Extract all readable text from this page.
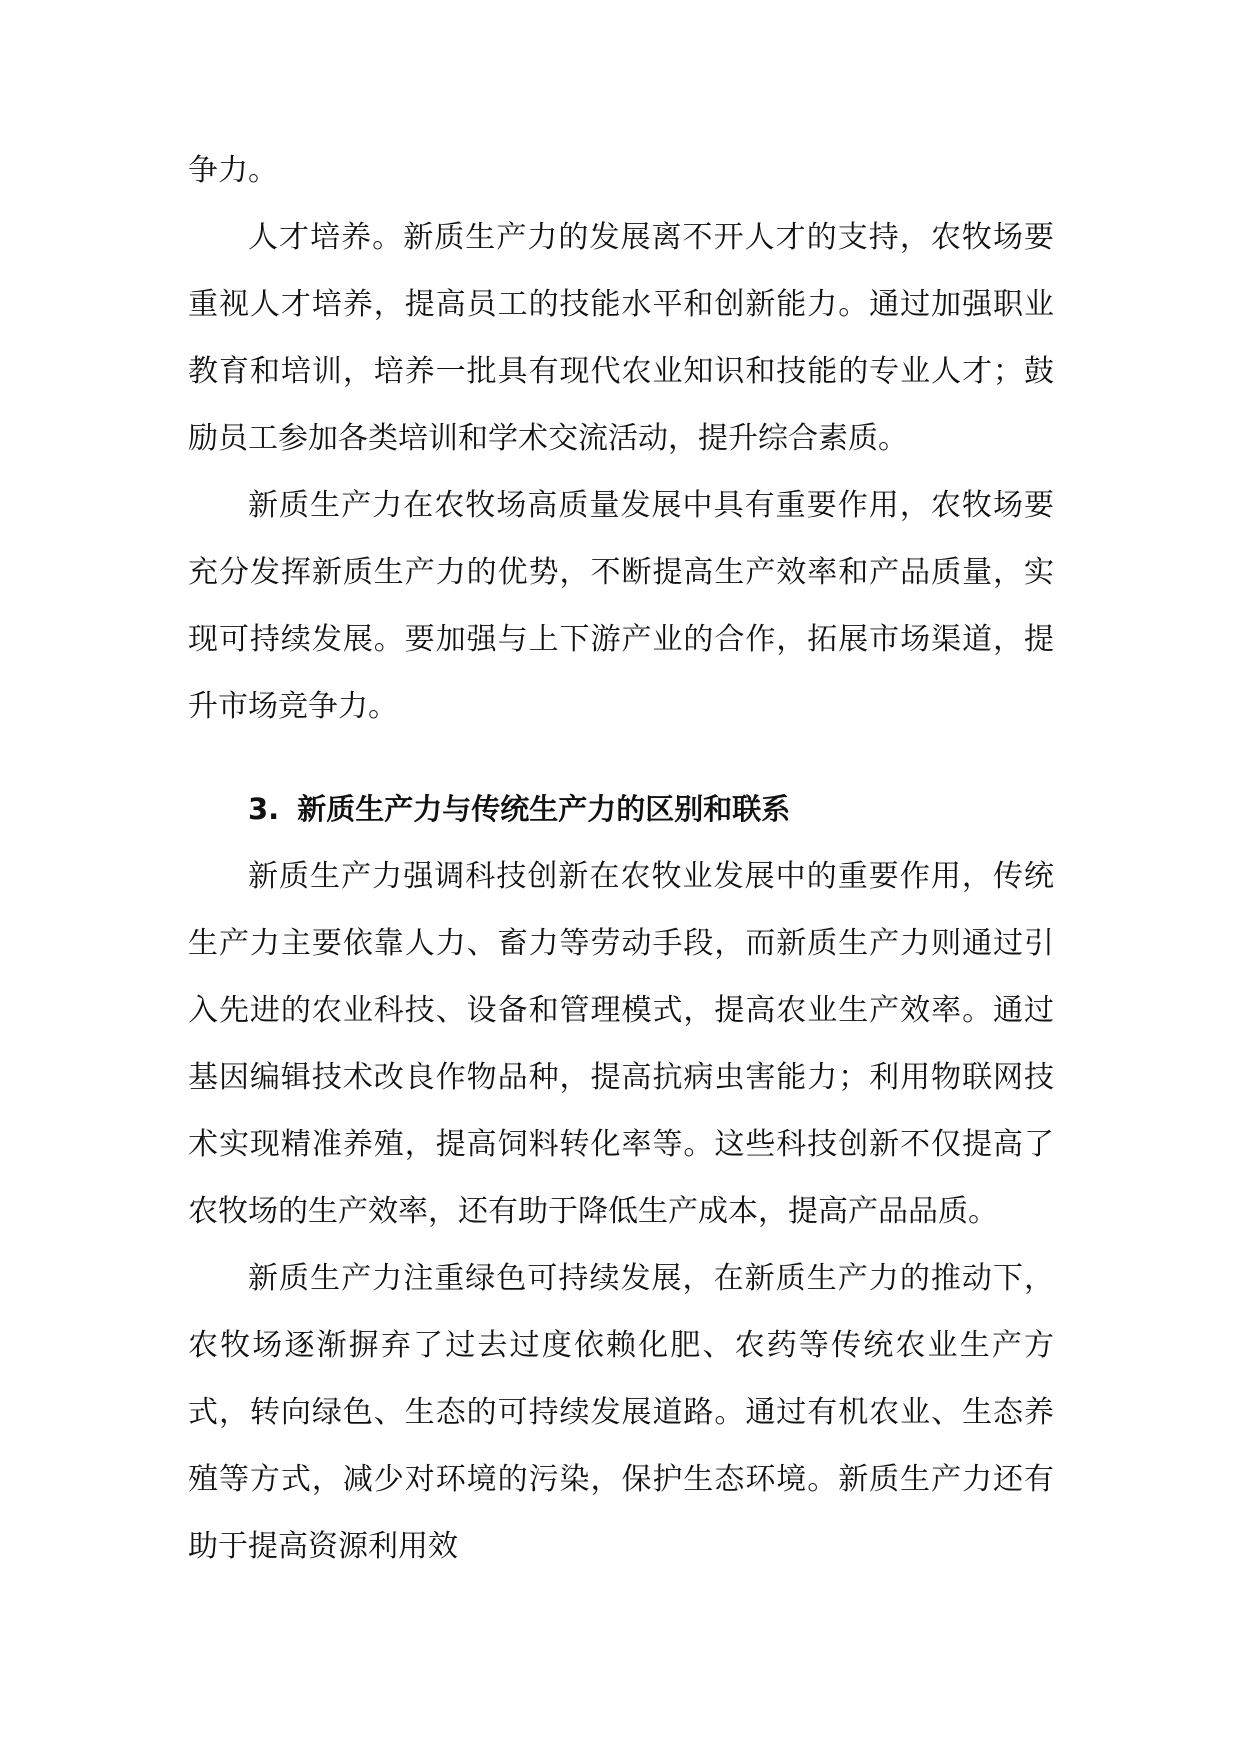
争力。

人才培养。新质生产力的发展离不开人才的支持，农牧场要重视人才培养，提高员工的技能水平和创新能力。通过加强职业教育和培训，培养一批具有现代农业知识和技能的专业人才；鼓励员工参加各类培训和学术交流活动，提升综合素质。

新质生产力在农牧场高质量发展中具有重要作用，农牧场要充分发挥新质生产力的优势，不断提高生产效率和产品质量，实现可持续发展。要加强与上下游产业的合作，拓展市场渠道，提升市场竞争力。

3. 新质生产力与传统生产力的区别和联系

新质生产力强调科技创新在农牧业发展中的重要作用，传统生产力主要依靠人力、畜力等劳动手段，而新质生产力则通过引入先进的农业科技、设备和管理模式，提高农业生产效率。通过基因编辑技术改良作物品种，提高抗病虫害能力；利用物联网技术实现精准养殖，提高饲料转化率等。这些科技创新不仅提高了农牧场的生产效率，还有助于降低生产成本，提高产品品质。

新质生产力注重绿色可持续发展，在新质生产力的推动下，农牧场逐渐摒弃了过去过度依赖化肥、农药等传统农业生产方式，转向绿色、生态的可持续发展道路。通过有机农业、生态养殖等方式，减少对环境的污染，保护生态环境。新质生产力还有助于提高资源利用效
